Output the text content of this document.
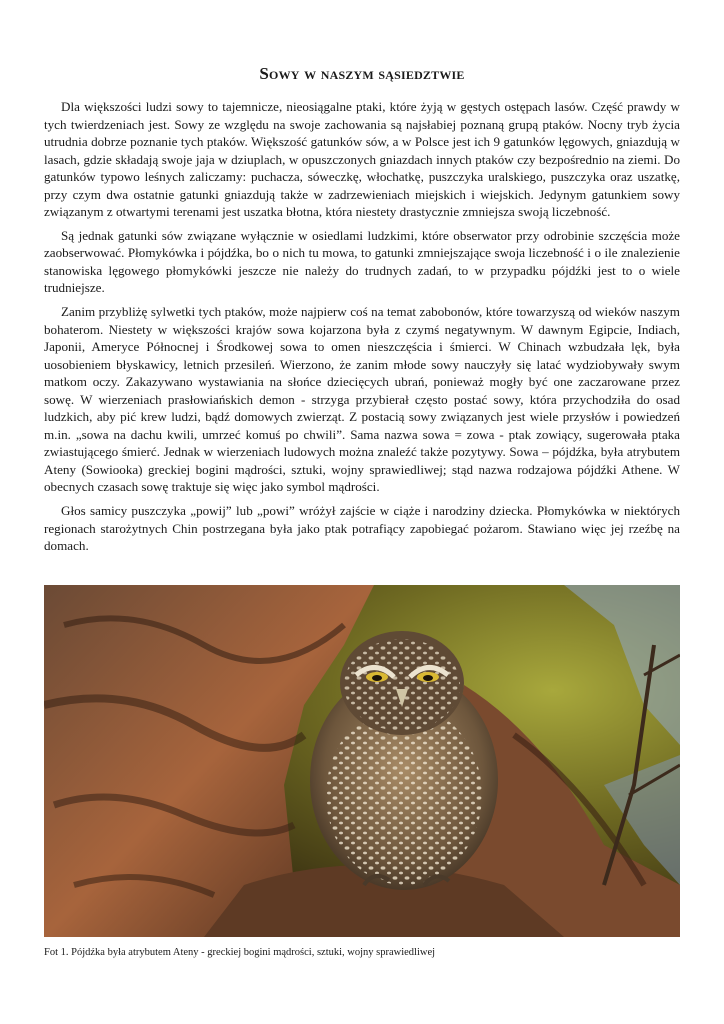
Sowy w naszym sąsiedztwie

Dla większości ludzi sowy to tajemnicze, nieosiągalne ptaki, które żyją w gęstych ostępach lasów. Część prawdy w tych twierdzeniach jest. Sowy ze względu na swoje zachowania są najsłabiej poznaną grupą ptaków. Nocny tryb życia utrudnia dobrze poznanie tych ptaków. Większość gatunków sów, a w Polsce jest ich 9 gatunków lęgowych, gniazdują w lasach, gdzie składają swoje jaja w dziuplach, w opuszczonych gniazdach innych ptaków czy bezpośrednio na ziemi. Do gatunków typowo leśnych zaliczamy: puchacza, sóweczkę, włochatkę, puszczyka uralskiego, puszczyka oraz uszatkę, przy czym dwa ostatnie gatunki gniazdują także w zadrzewieniach miejskich i wiejskich. Jedynym gatunkiem sowy związanym z otwartymi terenami jest uszatka błotna, która niestety drastycznie zmniejsza swoją liczebność.

Są jednak gatunki sów związane wyłącznie w osiedlami ludzkimi, które obserwator przy odrobinie szczęścia może zaobserwować. Płomykówka i pójdźka, bo o nich tu mowa, to gatunki zmniejszające swoja liczebność i o ile znalezienie stanowiska lęgowego płomykówki jeszcze nie należy do trudnych zadań, to w przypadku pójdźki jest to o wiele trudniejsze.

Zanim przybliżę sylwetki tych ptaków, może najpierw coś na temat zabobonów, które towarzyszą od wieków naszym bohaterom. Niestety w większości krajów sowa kojarzona była z czymś negatywnym. W dawnym Egipcie, Indiach, Japonii, Ameryce Północnej i Środkowej sowa to omen nieszczęścia i śmierci. W Chinach wzbudzała lęk, była uosobieniem błyskawicy, letnich przesileń. Wierzono, że zanim młode sowy nauczyły się latać wydziobywały swym matkom oczy. Zakazywano wystawiania na słońce dziecięcych ubrań, ponieważ mogły być one zaczarowane przez sowę. W wierzeniach prasłowiańskich demon - strzyga przybierał często postać sowy, która przychodziła do osad ludzkich, aby pić krew ludzi, bądź domowych zwierząt. Z postacią sowy związanych jest wiele przysłów i powiedzeń m.in. „sowa na dachu kwili, umrzeć komuś po chwili”. Sama nazwa sowa = zowa - ptak zowiący, sugerowała ptaka zwiastującego śmierć. Jednak w wierzeniach ludowych można znaleźć także pozytywy. Sowa – pójdźka, była atrybutem Ateny (Sowiooka) greckiej bogini mądrości, sztuki, wojny sprawiedliwej; stąd nazwa rodzajowa pójdźki Athene. W obecnych czasach sowę traktuje się więc jako symbol mądrości.

Głos samicy puszczyka „powij” lub „powi” wróżył zajście w ciąże i narodziny dziecka. Płomykówka w niektórych regionach starożytnych Chin postrzegana była jako ptak potrafiący zapobiegać pożarom. Stawiano więc jej rzeźbę na domach.

Fot 1. Pójdźka była atrybutem Ateny - greckiej bogini mądrości, sztuki, wojny sprawiedliwej
